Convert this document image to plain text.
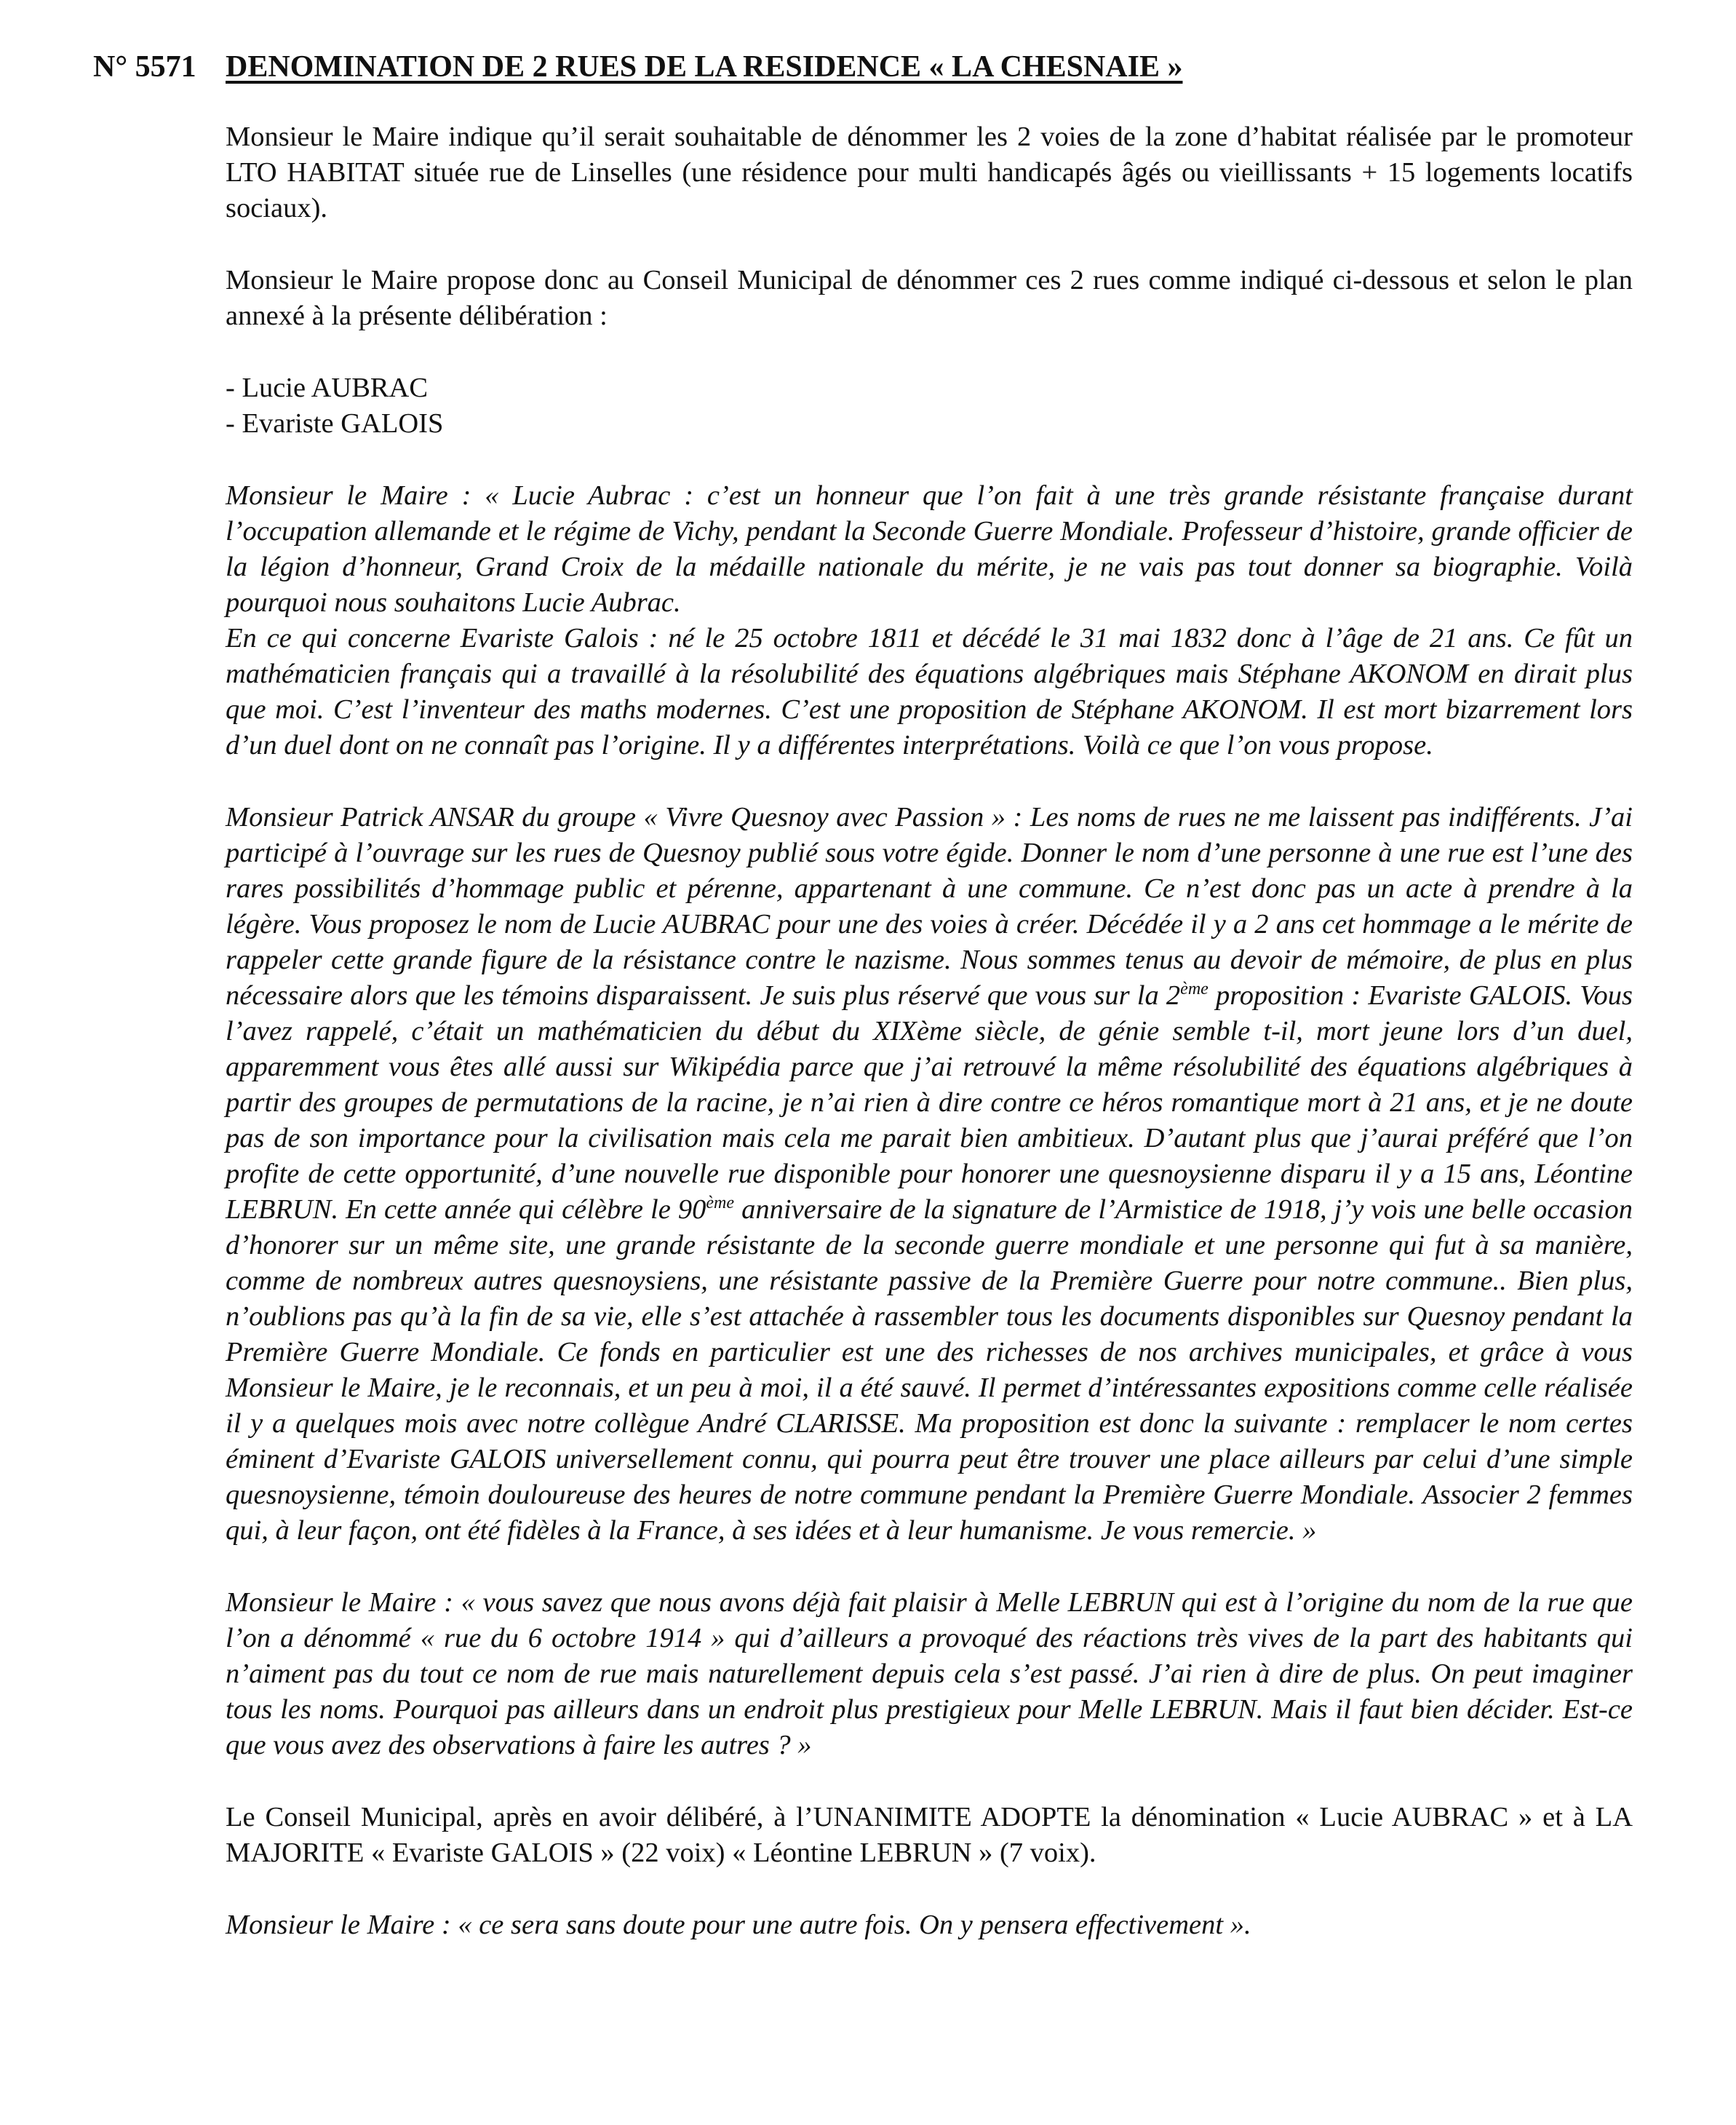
N° 5571 DENOMINATION DE 2 RUES DE LA RESIDENCE « LA CHESNAIE »

Monsieur le Maire indique qu’il serait souhaitable de dénommer les 2 voies de la zone d’habitat réalisée par le promoteur LTO HABITAT située rue de Linselles (une résidence pour multi handicapés âgés ou vieillissants + 15 logements locatifs sociaux).

Monsieur le Maire propose donc au Conseil Municipal de dénommer ces 2 rues comme indiqué ci-dessous et selon le plan annexé à la présente délibération :

- Lucie AUBRAC

- Evariste GALOIS

Monsieur le Maire : « Lucie Aubrac : c’est un honneur que l’on fait à une très grande résistante française durant l’occupation allemande et le régime de Vichy, pendant la Seconde Guerre Mondiale. Professeur d’histoire, grande officier de la légion d’honneur, Grand Croix de la médaille nationale du mérite, je ne vais pas tout donner sa biographie. Voilà pourquoi nous souhaitons Lucie Aubrac.

En ce qui concerne Evariste Galois : né le 25 octobre 1811 et décédé le 31 mai 1832 donc à l’âge de 21 ans. Ce fût un mathématicien français qui a travaillé à la résolubilité des équations algébriques mais Stéphane AKONOM en dirait plus que moi. C’est l’inventeur des maths modernes. C’est une proposition de Stéphane AKONOM. Il est mort bizarrement lors d’un duel dont on ne connaît pas l’origine. Il y a différentes interprétations. Voilà ce que l’on vous propose.

Monsieur Patrick ANSAR du groupe « Vivre Quesnoy avec Passion » : Les noms de rues ne me laissent pas indifférents. J’ai participé à l’ouvrage sur les rues de Quesnoy publié sous votre égide. Donner le nom d’une personne à une rue est l’une des rares possibilités d’hommage public et pérenne, appartenant à une commune. Ce n’est donc pas un acte à prendre à la légère. Vous proposez le nom de Lucie AUBRAC pour une des voies à créer. Décédée il y a 2 ans cet hommage a le mérite de rappeler cette grande figure de la résistance contre le nazisme. Nous sommes tenus au devoir de mémoire, de plus en plus nécessaire alors que les témoins disparaissent. Je suis plus réservé que vous sur la 2ème proposition : Evariste GALOIS. Vous l’avez rappelé, c’était un mathématicien du début du XIXème siècle, de génie semble t-il, mort jeune lors d’un duel, apparemment vous êtes allé aussi sur Wikipédia parce que j’ai retrouvé la même résolubilité des équations algébriques à partir des groupes de permutations de la racine, je n’ai rien à dire contre ce héros romantique mort à 21 ans, et je ne doute pas de son importance pour la civilisation mais cela me parait bien ambitieux. D’autant plus que j’aurai préféré que l’on profite de cette opportunité, d’une nouvelle rue disponible pour honorer une quesnoysienne disparu il y a 15 ans, Léontine LEBRUN. En cette année qui célèbre le 90ème anniversaire de la signature de l’Armistice de 1918, j’y vois une belle occasion d’honorer sur un même site, une grande résistante de la seconde guerre mondiale et une personne qui fut à sa manière, comme de nombreux autres quesnoysiens, une résistante passive de la Première Guerre pour notre commune.. Bien plus, n’oublions pas qu’à la fin de sa vie, elle s’est attachée à rassembler tous les documents disponibles sur Quesnoy pendant la Première Guerre Mondiale. Ce fonds en particulier est une des richesses de nos archives municipales, et grâce à vous Monsieur le Maire, je le reconnais, et un peu à moi, il a été sauvé. Il permet d’intéressantes expositions comme celle réalisée il y a quelques mois avec notre collègue André CLARISSE. Ma proposition est donc la suivante : remplacer le nom certes éminent d’Evariste GALOIS universellement connu, qui pourra peut être trouver une place ailleurs par celui d’une simple quesnoysienne, témoin douloureuse des heures de notre commune pendant la Première Guerre Mondiale. Associer 2 femmes qui, à leur façon, ont été fidèles à la France, à ses idées et à leur humanisme. Je vous remercie. »

Monsieur le Maire : « vous savez que nous avons déjà fait plaisir à Melle LEBRUN qui est à l’origine du nom de la rue que l’on a dénommé « rue du 6 octobre 1914 » qui d’ailleurs a provoqué des réactions très vives de la part des habitants qui n’aiment pas du tout ce nom de rue mais naturellement depuis cela s’est passé. J’ai rien à dire de plus. On peut imaginer tous les noms. Pourquoi pas ailleurs dans un endroit plus prestigieux pour Melle LEBRUN. Mais il faut bien décider. Est-ce que vous avez des observations à faire les autres ? »

Le Conseil Municipal, après en avoir délibéré, à l’UNANIMITE ADOPTE la dénomination « Lucie AUBRAC » et à LA MAJORITE « Evariste GALOIS » (22 voix) « Léontine LEBRUN » (7 voix).

Monsieur le Maire : « ce sera sans doute pour une autre fois. On y pensera effectivement ».
